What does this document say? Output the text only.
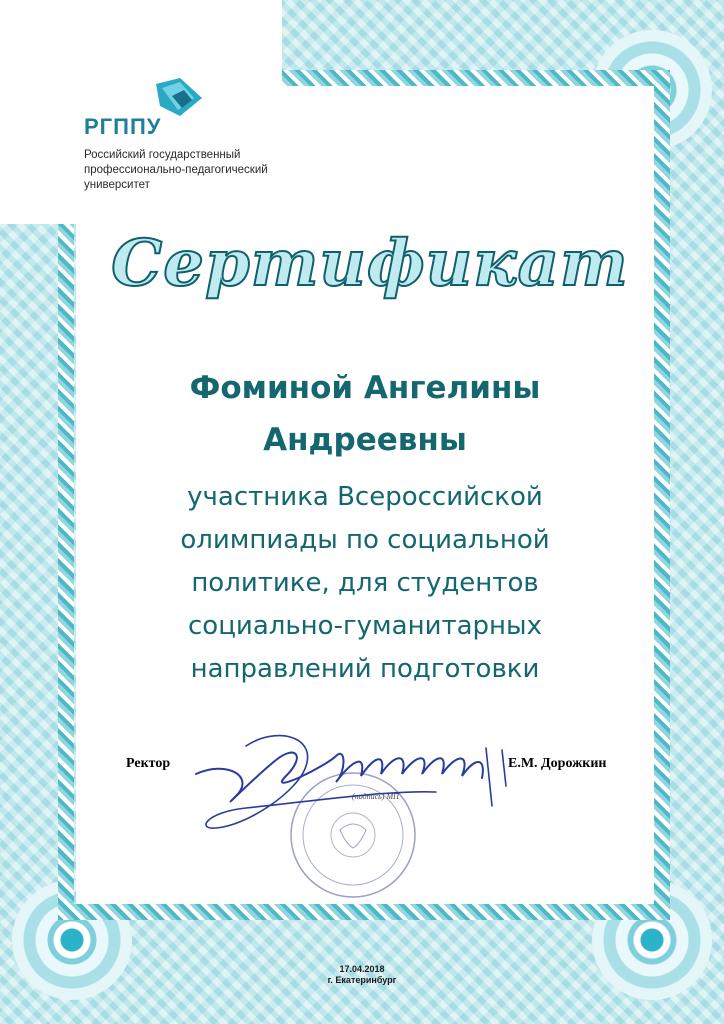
РГППУ
Российский государственный
профессионально-педагогический
университет
Сертификат
Фоминой Ангелины
Андреевны
участника Всероссийской
олимпиады по социальной
политике, для студентов
социально-гуманитарных
направлений подготовки
Ректор	Е.М. Дорожкин
(подпись) МП
17.04.2018
г. Екатеринбург
